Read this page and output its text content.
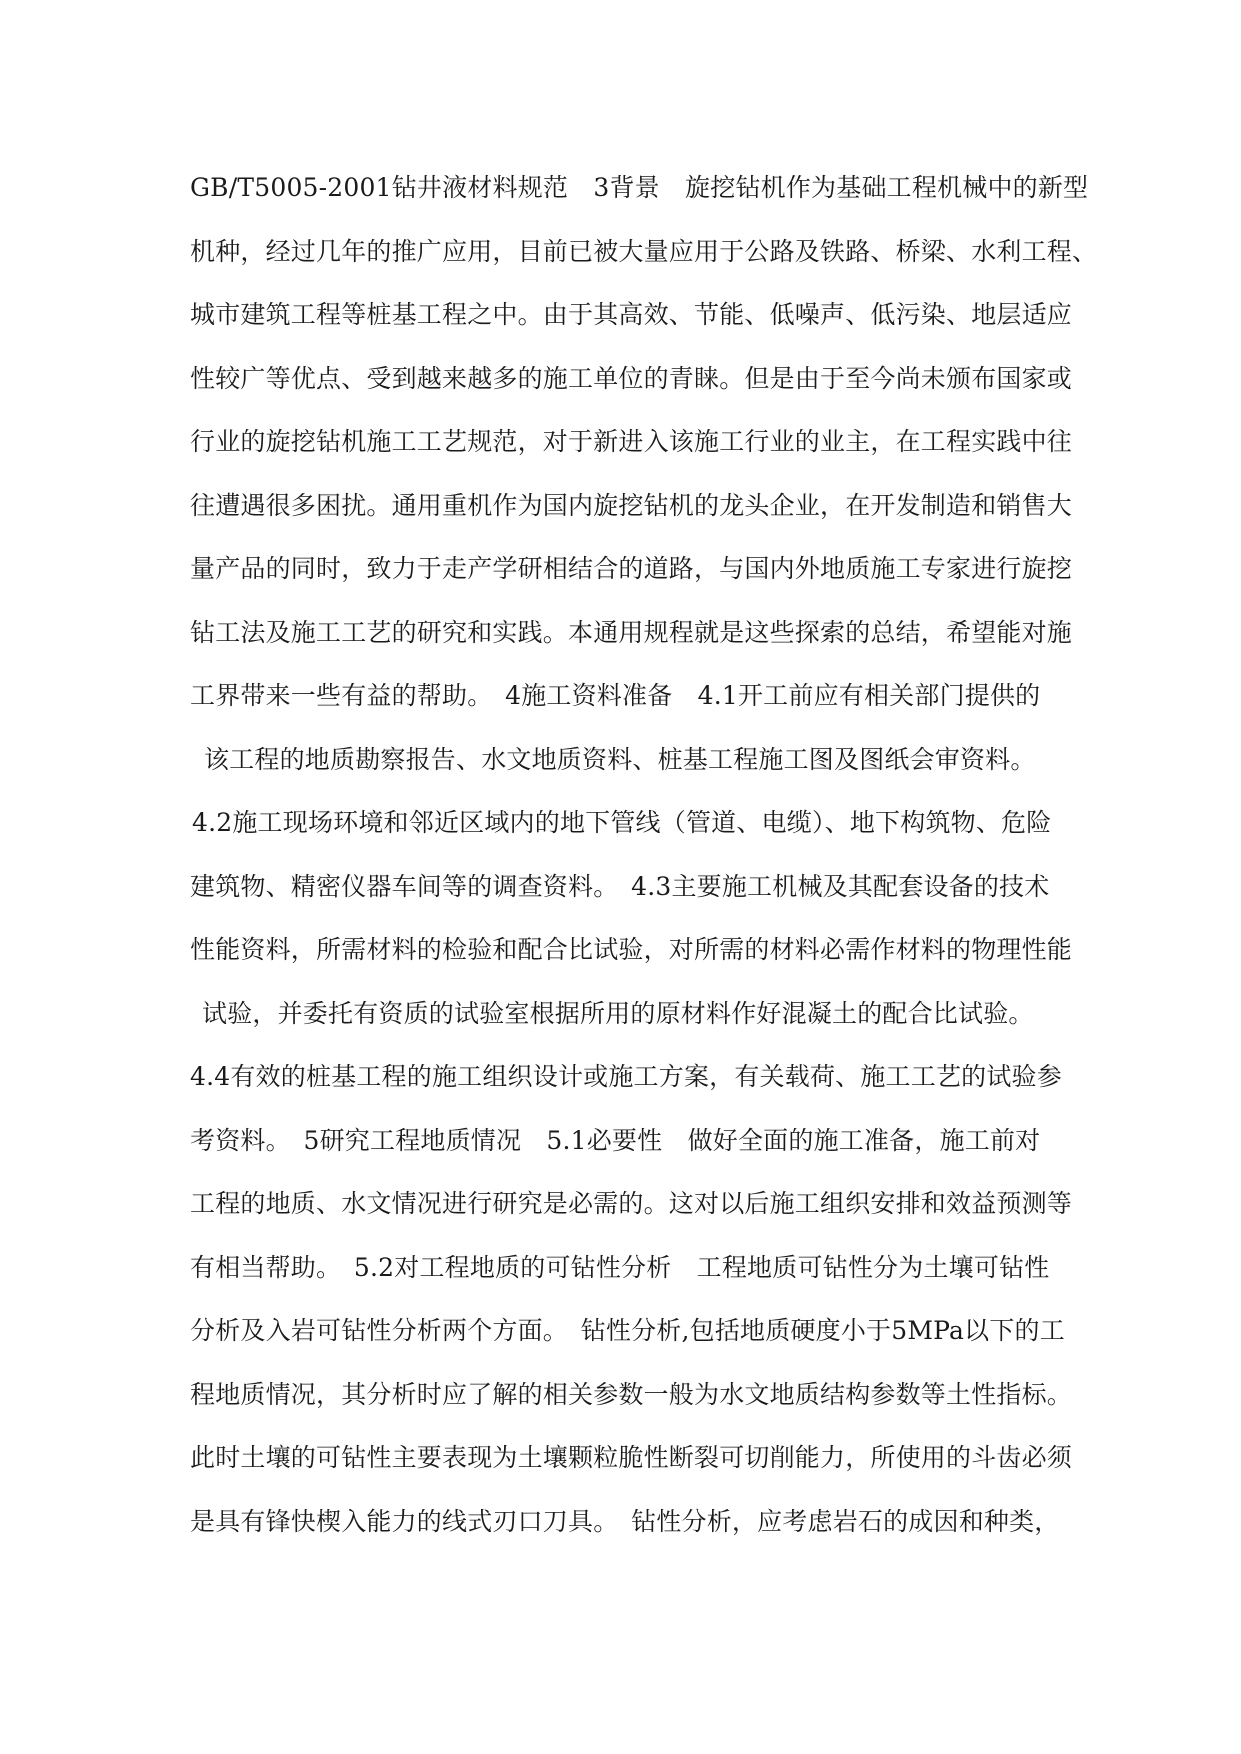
GB/T5005-2001钻井液材料规范　3背景　旋挖钻机作为基础工程机械中的新型
机种，经过几年的推广应用，目前已被大量应用于公路及铁路、桥梁、水利工程、
城市建筑工程等桩基工程之中。由于其高效、节能、低噪声、低污染、地层适应
性较广等优点、受到越来越多的施工单位的青睐。但是由于至今尚未颁布国家或
行业的旋挖钻机施工工艺规范，对于新进入该施工行业的业主，在工程实践中往
往遭遇很多困扰。通用重机作为国内旋挖钻机的龙头企业，在开发制造和销售大
量产品的同时，致力于走产学研相结合的道路，与国内外地质施工专家进行旋挖
钻工法及施工工艺的研究和实践。本通用规程就是这些探索的总结，希望能对施
工界带来一些有益的帮助。　4施工资料准备　4.1开工前应有相关部门提供的
该工程的地质勘察报告、水文地质资料、桩基工程施工图及图纸会审资料。
4.2施工现场环境和邻近区域内的地下管线（管道、电缆）、地下构筑物、危险
建筑物、精密仪器车间等的调查资料。　4.3主要施工机械及其配套设备的技术
性能资料，所需材料的检验和配合比试验，对所需的材料必需作材料的物理性能
试验，并委托有资质的试验室根据所用的原材料作好混凝土的配合比试验。
4.4有效的桩基工程的施工组织设计或施工方案，有关载荷、施工工艺的试验参
考资料。　5研究工程地质情况　5.1必要性　做好全面的施工准备，施工前对
工程的地质、水文情况进行研究是必需的。这对以后施工组织安排和效益预测等
有相当帮助。　5.2对工程地质的可钻性分析　工程地质可钻性分为土壤可钻性
分析及入岩可钻性分析两个方面。　钻性分析,包括地质硬度小于5MPa以下的工
程地质情况，其分析时应了解的相关参数一般为水文地质结构参数等土性指标。
此时土壤的可钻性主要表现为土壤颗粒脆性断裂可切削能力，所使用的斗齿必须
是具有锋快楔入能力的线式刃口刀具。　钻性分析，应考虑岩石的成因和种类，
